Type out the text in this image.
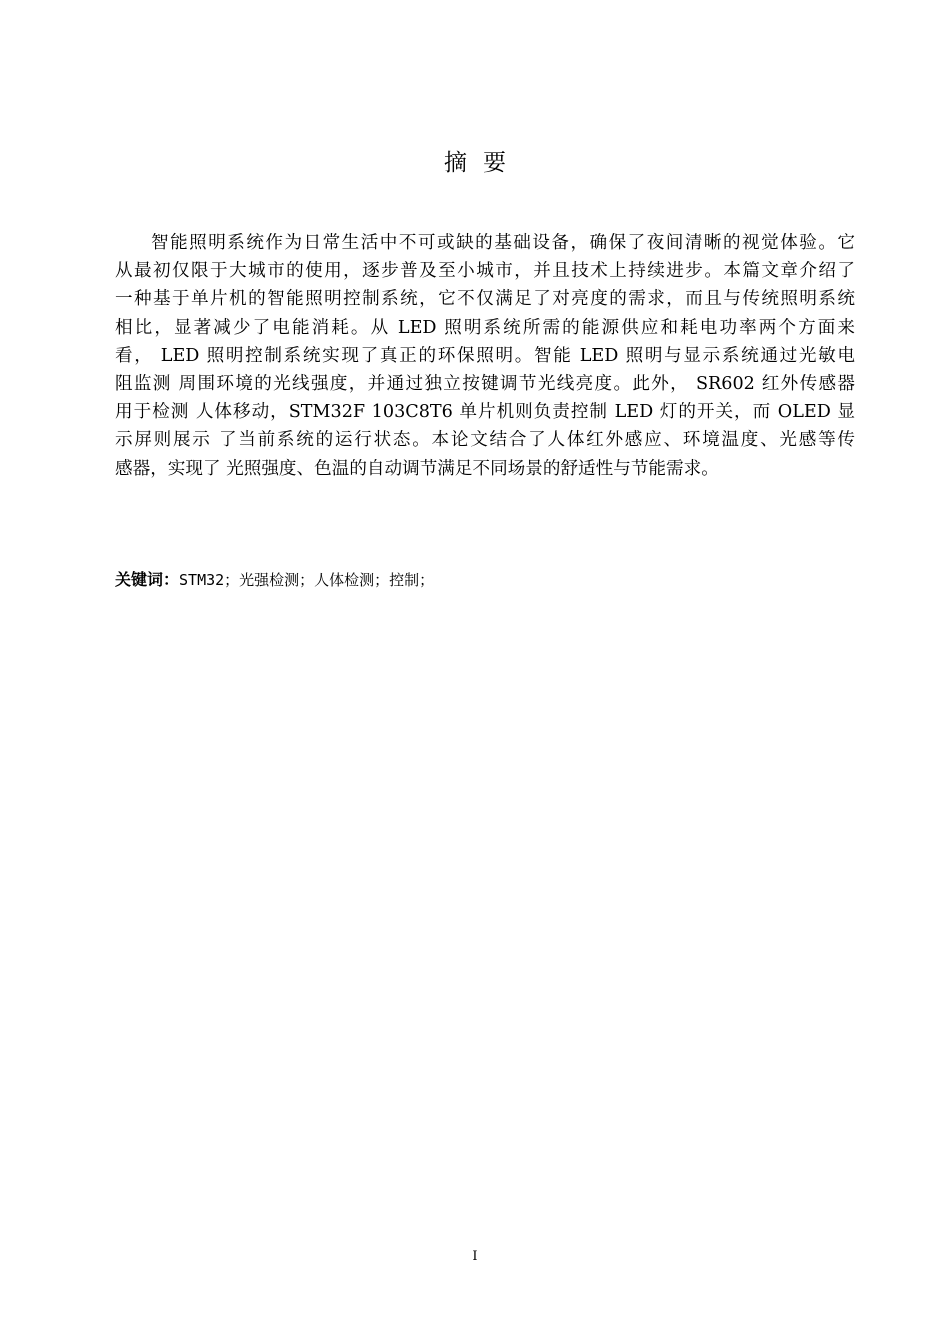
摘要

智能照明系统作为日常生活中不可或缺的基础设备，确保了夜间清晰的视觉体验。它
从最初仅限于大城市的使用，逐步普及至小城市，并且技术上持续进步。本篇文章介绍了
一种基于单片机的智能照明控制系统，它不仅满足了对亮度的需求，而且与传统照明系统
相比，显著减少了电能消耗。从 LED 照明系统所需的能源供应和耗电功率两个方面来
看， LED 照明控制系统实现了真正的环保照明。智能 LED 照明与显示系统通过光敏电
阻监测 周围环境的光线强度，并通过独立按键调节光线亮度。此外， SR602 红外传感器
用于检测 人体移动，STM32F 103C8T6 单片机则负责控制 LED 灯的开关，而 OLED 显
示屏则展示 了当前系统的运行状态。本论文结合了人体红外感应、环境温度、光感等传
感器，实现了 光照强度、色温的自动调节满足不同场景的舒适性与节能需求。

关键词：STM32；光强检测；人体检测；控制；
I
